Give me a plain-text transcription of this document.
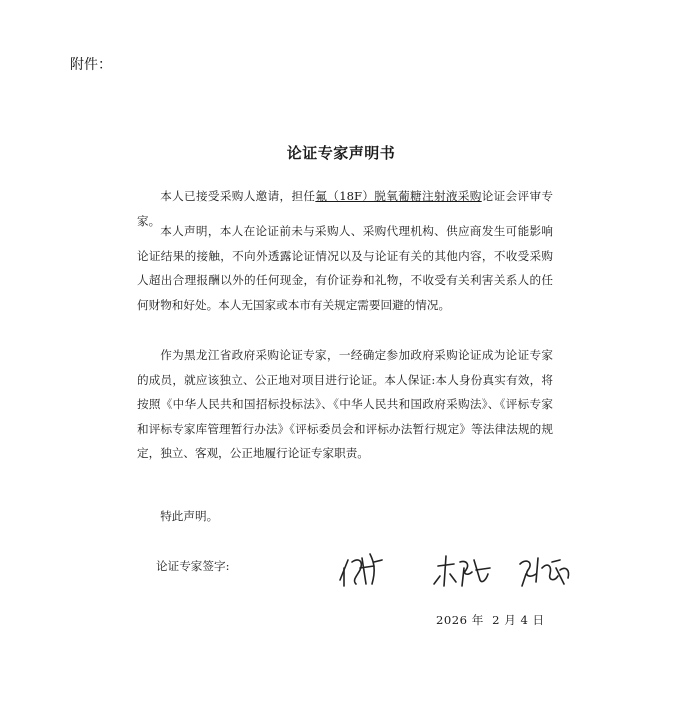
附件：
论证专家声明书

本人已接受采购人邀请，担任氟（18F）脱氧葡糖注射液采购论证会评审专家。

本人声明，本人在论证前未与采购人、采购代理机构、供应商发生可能影响论证结果的接触，不向外透露论证情况以及与论证有关的其他内容，不收受采购人超出合理报酬以外的任何现金，有价证券和礼物，不收受有关利害关系人的任何财物和好处。本人无国家或本市有关规定需要回避的情况。

作为黑龙江省政府采购论证专家，一经确定参加政府采购论证成为论证专家的成员，就应该独立、公正地对项目进行论证。本人保证:本人身份真实有效，将按照《中华人民共和国招标投标法》、《中华人民共和国政府采购法》、《评标专家和评标专家库管理暂行办法》《评标委员会和评标办法暂行规定》等法律法规的规定，独立、客观，公正地履行论证专家职责。

特此声明。

论证专家签字:
2026 年  2 月 4 日
